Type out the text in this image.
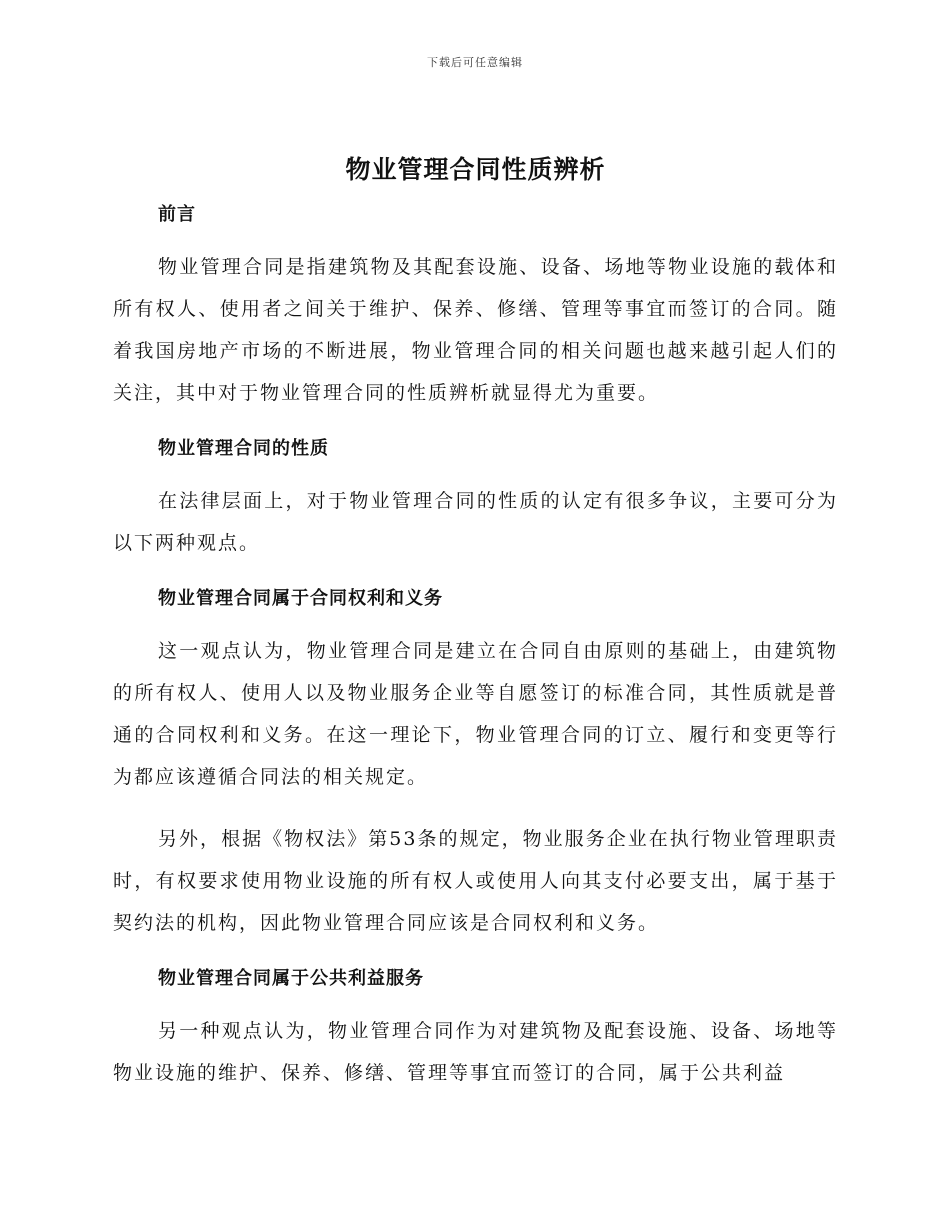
下载后可任意编辑
物业管理合同性质辨析
前言

物业管理合同是指建筑物及其配套设施、设备、场地等物业设施的载体和所有权人、使用者之间关于维护、保养、修缮、管理等事宜而签订的合同。随着我国房地产市场的不断进展，物业管理合同的相关问题也越来越引起人们的关注，其中对于物业管理合同的性质辨析就显得尤为重要。

物业管理合同的性质

在法律层面上，对于物业管理合同的性质的认定有很多争议，主要可分为以下两种观点。

物业管理合同属于合同权利和义务

这一观点认为，物业管理合同是建立在合同自由原则的基础上，由建筑物的所有权人、使用人以及物业服务企业等自愿签订的标准合同，其性质就是普通的合同权利和义务。在这一理论下，物业管理合同的订立、履行和变更等行为都应该遵循合同法的相关规定。

另外，根据《物权法》第53条的规定，物业服务企业在执行物业管理职责时，有权要求使用物业设施的所有权人或使用人向其支付必要支出，属于基于契约法的机构，因此物业管理合同应该是合同权利和义务。

物业管理合同属于公共利益服务

另一种观点认为，物业管理合同作为对建筑物及配套设施、设备、场地等物业设施的维护、保养、修缮、管理等事宜而签订的合同，属于公共利益
